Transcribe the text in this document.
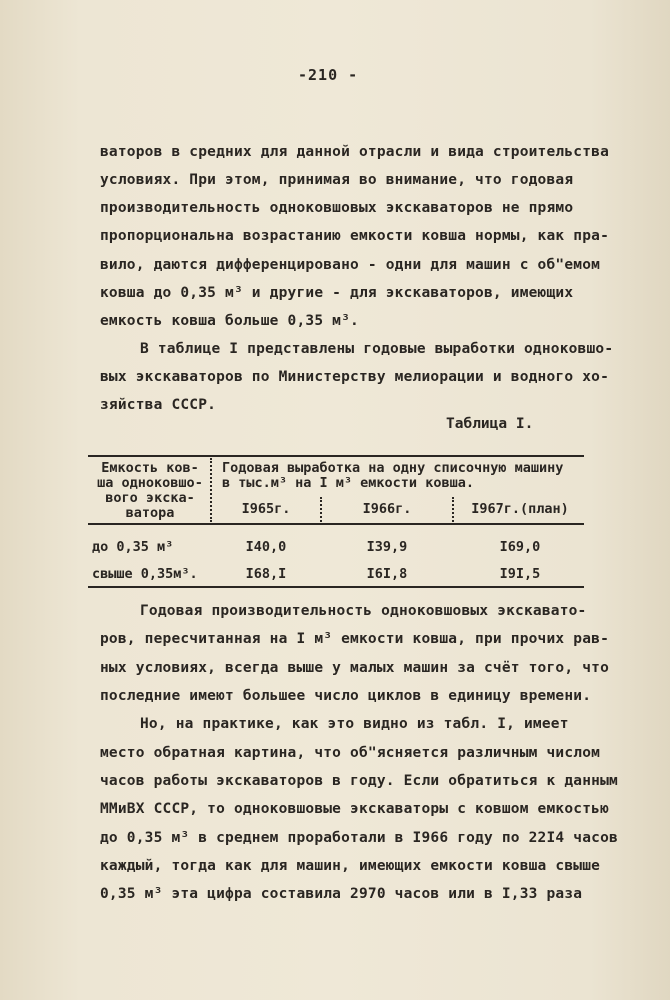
-210 -
ваторов в средних для данной отрасли и вида строительства
условиях. При этом, принимая во внимание, что годовая
производительность одноковшовых экскаваторов не прямо
пропорциональна возрастанию емкости ковша нормы, как пра-
вило, даются дифференцировано - одни для машин с об"емом
ковша до 0,35 м³ и другие - для экскаваторов, имеющих
емкость ковша больше 0,35 м³.
В таблице I представлены годовые выработки одноковшо-
вых экскаваторов по Министерству мелиорации и водного хо-
зяйства СССР.
Таблица I.
Емкость ков-
ша одноковшо-
вого экска-
ватора
Годовая выработка на одну списочную машину
в тыс.м³ на I м³ емкости ковша.
I965г.	I966г.	I967г.(план)
до 0,35 м³	I40,0	I39,9	I69,0
свыше 0,35м³.	I68,I	I6I,8	I9I,5
Годовая производительность одноковшовых экскавато-
ров, пересчитанная на I м³ емкости ковша, при прочих рав-
ных условиях, всегда выше у малых машин за счёт того, что
последние имеют большее число циклов в единицу времени.
Но, на практике, как это видно из табл. I, имеет
место обратная картина, что об"ясняется различным числом
часов работы экскаваторов в году. Если обратиться к данным
ММиВХ СССР, то одноковшовые экскаваторы с ковшом емкостью
до 0,35 м³ в среднем проработали в I966 году по 22I4 часов
каждый, тогда как для машин, имеющих емкости ковша свыше
0,35 м³ эта цифра составила 2970 часов или в I,33 раза
